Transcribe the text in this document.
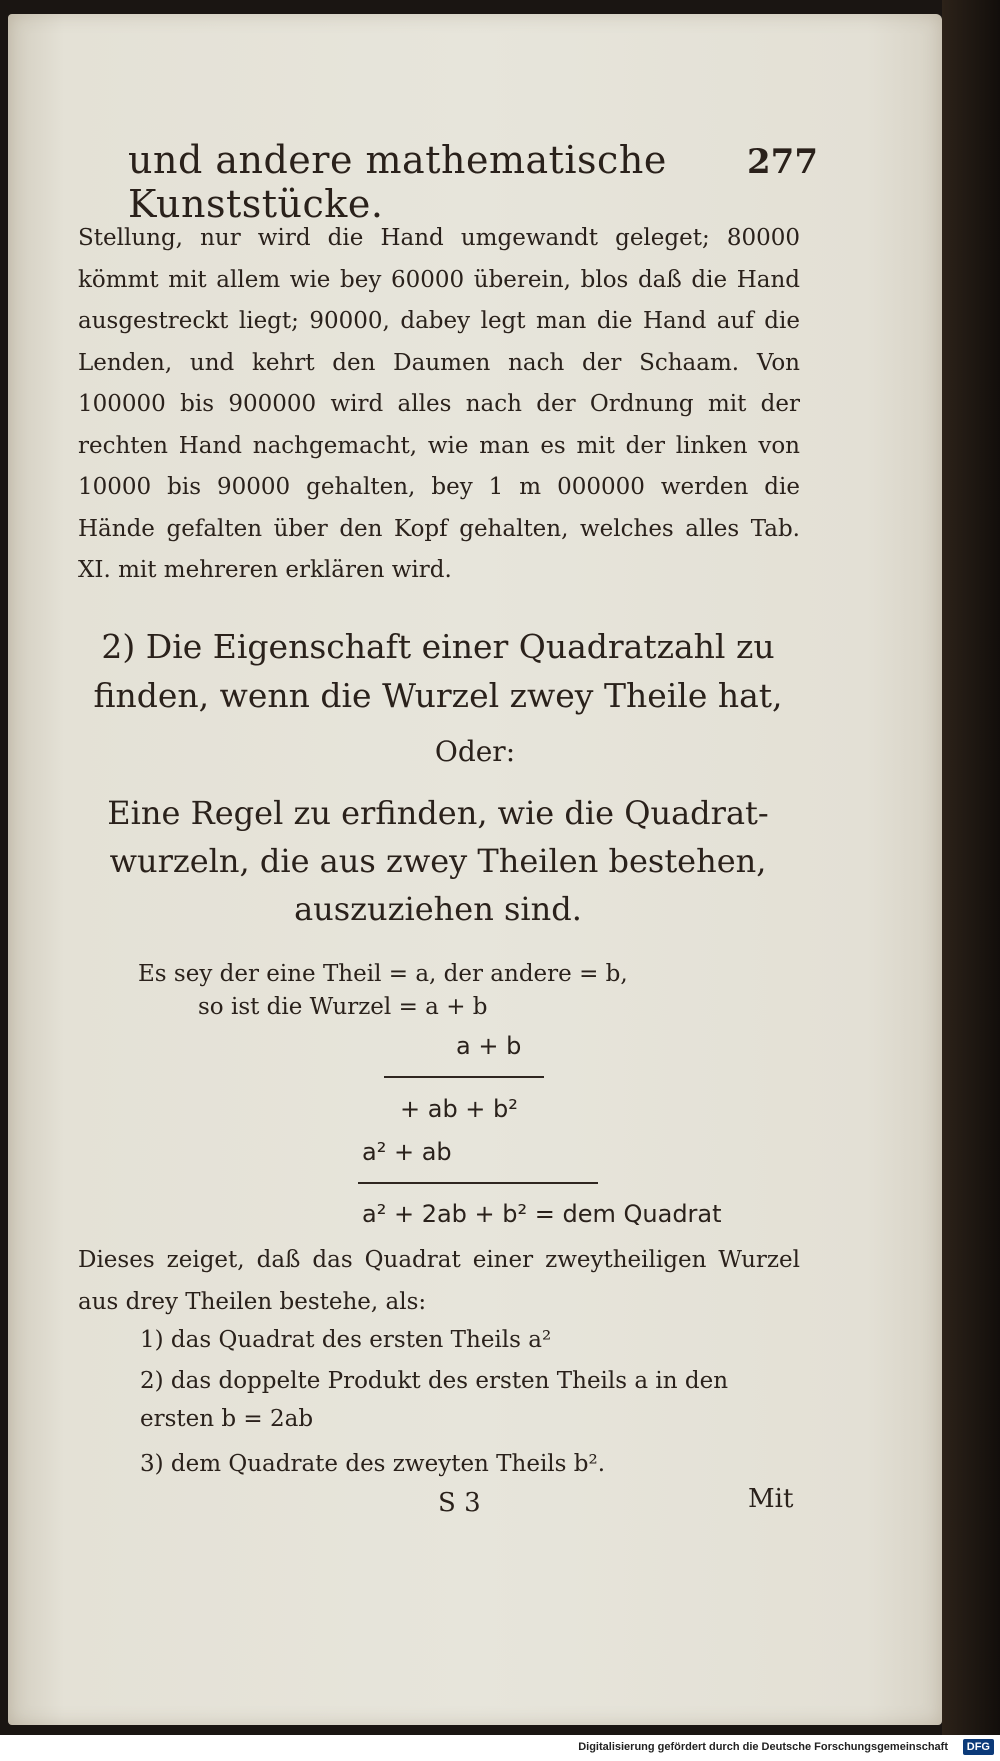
und andere mathematische Kunststücke.
277

Stellung, nur wird die Hand umgewandt geleget; 80000 kömmt mit allem wie bey 60000 überein, blos daß die Hand ausgestreckt liegt; 90000, dabey legt man die Hand auf die Lenden, und kehrt den Daumen nach der Schaam. Von 100000 bis 900000 wird alles nach der Ordnung mit der rechten Hand nachgemacht, wie man es mit der linken von 10000 bis 90000 gehalten, bey 1 m 000000 werden die Hände gefalten über den Kopf gehalten, welches alles Tab. XI. mit mehreren erklären wird.

2) Die Eigenschaft einer Quadratzahl zu finden, wenn die Wurzel zwey Theile hat,
Oder:
Eine Regel zu erfinden, wie die Quadrat- wurzeln, die aus zwey Theilen bestehen, auszuziehen sind.

Es sey der eine Theil = a, der andere = b,

so ist die Wurzel = a + b
a + b
+ ab + b²
a² + ab
a² + 2ab + b² = dem Quadrat

Dieses zeiget, daß das Quadrat einer zweytheiligen Wurzel aus drey Theilen bestehe, als:

1) das Quadrat des ersten Theils a²

2) das doppelte Produkt des ersten Theils a in den ersten b = 2ab

3) dem Quadrate des zweyten Theils b².

S 3	Mit
Digitalisierung gefördert durch die Deutsche Forschungsgemeinschaft	DFG
